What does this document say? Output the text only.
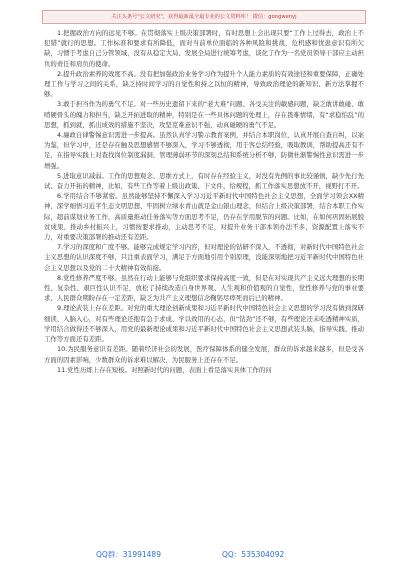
关注头条号"公文研究"，获得最新最全最专业的公文资料库！ 微信：gongwenyj

1.把握政治方向的远见不够。在贯彻落实上级决策部署时，有时思想上会出现只要“工作上过得去，政治上不犯错”就行的思想。工作标准和要求有所降低，面对当前单位面临的各种风险和挑战，危机感和忧患意识有所欠缺，习惯于考虑自己分管领域，没有从稳定大局、发展全局进行统筹考虑，谈化了作为一名党员领导干部应主动担负的责任和肩负的使命。

2.提升政治素养的效度不高。没有把加强政治业务学习作为提升个人能力素质的有效途径和重要保障，正确处理工作与学习之间的关系，缺乏持时间学习的自觉性和持之以恒的精神，导致政治理论的新知识、新方法掌握不够。

3.敢于担当作为的勇气不足。对一些历史遗留下来的“老大难”问题、各受关注的敏感问题，缺乏敢讲敢碰、敢啃硬骨头的魄力和担当，缺乏开拓进取的精神，特别是在一些具体问题的处理上，存在畏难情绪，有“求稳怕乱”的思想，抓到就、抓出成效的措施不坚决，攻坚克难意识不强、动真碰硬的勇气不足。

4.廉政自律警惕意识需进一步提高。虽然认真学习警示教育案例，并结合本职岗位，认真开展自查自纠，以案为鉴，但学习中，还是存在触及思想感情不够深入，学习不够透彻，用于客总结经验，吸取教训，帮助提高还有不足，在指导实践上对查找岗位制度漏洞、管理薄弱环节的深刻总结和系统分析不够，防微杜渐警惕性意识需进一步增强。

5.进取意识减弱。工作的思想观念、思维方式上，有时存在经验主义，对没有先例的事比较谨慎，缺少先行先试、奋力开拓的精神，比如，有些工作等着上级出政策、下文件、给规程，抓工作落实思想放不开，视野打不开。

6.学用结合不够紧密。虽然能够坚持不懈深入学习习近平新时代中国特色社会主义思想，全面学习领会XX精神，深学细悟习近平生态文明思想、牢固树立绿水青山就是金山银山理念，但结合上级决策部署，结合本职工作实际，超前谋划业务工作，高质量推动任务落实等方面思考不足，仍存在学用脱节的问题。比如，在如何巩固拓展脱贫成果、推动乡村振兴上，习惯按要求推动，主动思考不足，对提升业务干部本领办法不多，资源配置上落实不力，对重要决策部署的推动还有差距。

7.学习的深度和广度不够。能够完成规定学习内容，但对理论的钻研不深入，不透彻，对新时代中国特色社会主义思想的认识深度不够，只注重表面学习，满足于方面地引用个别原理，没能深刻地把习近平新时代中国特色社会主义思想以及党的二十大精神有效衔接。

8.党性修养严度不够。虽然在行动上能够与党组织要求保持高度一致，但是在对实现共产主义远大理想的长期性、复杂性、艰巨性认识不足，放松了持续改造自身世界观、人生观和价值观的自觉性，党性修养与党的事业要求、人民群众期盼存在一定差距，缺乏为共产主义理想信念鞠躬尽瘁死而后已的精神。

9.理论武装上存在差距。对党的重大理论创新成果和习近平新时代中国特色社会主义思想的学习没有做到深研细读、入脑入心，对有些理论还抱有急于求成、学以致用的心态，但“钻劲”还不够，有些理论还未吃透精神实质，学用结合做得还不够深入，用党的最新理论成果和习近平新时代中国特色社会主义思想武装头脑，指导实践、推动工作等方面还有差距。

10.为民服务意识有差距。随着经济社会的发展，医疗保障体系的健全发展，群众的诉求越来越多，但是受各方面的因素影响，少数群众的诉求难以解决，为民服务上还存在不足。

11.党性历练上存在短板。对照新时代的问题，表面上看是落实具体工作的问

QQ群：31991489	QQ：535304092
